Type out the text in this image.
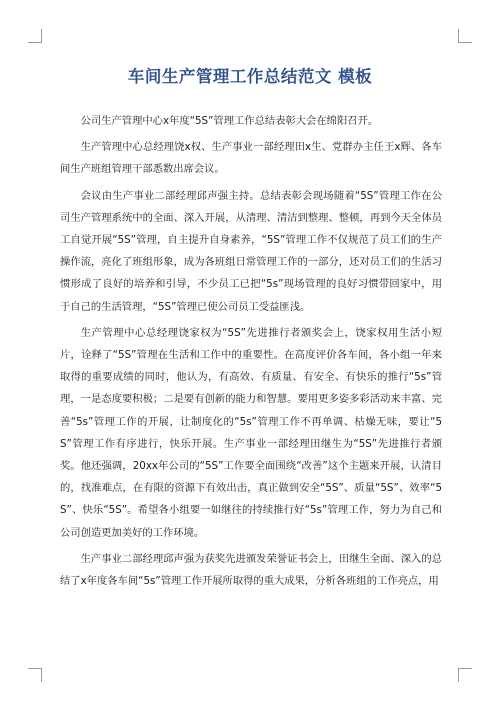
车间生产管理工作总结范文 模板

公司生产管理中心x年度“5S”管理工作总结表彰大会在绵阳召开。

生产管理中心总经理饶x权、生产事业一部经理田x生、党群办主任王x辉、各车间生产班组管理干部悉数出席会议。

会议由生产事业二部经理邱声强主持。总结表彰会现场随着“5S”管理工作在公司生产管理系统中的全面、深入开展，从清理、清洁到整理、整顿，再到今天全体员工自觉开展“5S”管理，自主提升自身素养，“5S”管理工作不仅规范了员工们的生产操作流，亮化了班组形象，成为各班组日常管理工作的一部分，还对员工们的生活习惯形成了良好的培养和引导，不少员工已把“5s”现场管理的良好习惯带回家中，用于自己的生活管理，“5S”管理已使公司员工受益匪浅。

生产管理中心总经理饶家权为“5S”先进推行者颁奖会上，饶家权用生活小短片，诠释了“5S”管理在生活和工作中的重要性。在高度评价各车间，各小组一年来取得的重要成绩的同时，他认为，有高效、有质量、有安全、有快乐的推行“5s”管理，一是态度要积极；二是要有创新的能力和智慧。要用更多姿多彩活动来丰富、完善“5s”管理工作的开展，让制度化的“5s”管理工作不再单调、枯燥无味，要让“5S”管理工作有序进行，快乐开展。生产事业一部经理田继生为“5S”先进推行者颁奖。他还强调，20xx年公司的“5S”工作要全面围绕“改善”这个主题来开展，认清目的，找准难点，在有限的资源下有效出击，真正做到安全“5S”、质量“5S”、效率“5S”、快乐“5S”。希望各小组要一如继往的持续推行好“5s”管理工作，努力为自己和公司创造更加美好的工作环境。

生产事业二部经理邱声强为获奖先进颁发荣誉证书会上，田继生全面、深入的总结了x年度各车间“5s”管理工作开展所取得的重大成果，分析各班组的工作亮点，用
